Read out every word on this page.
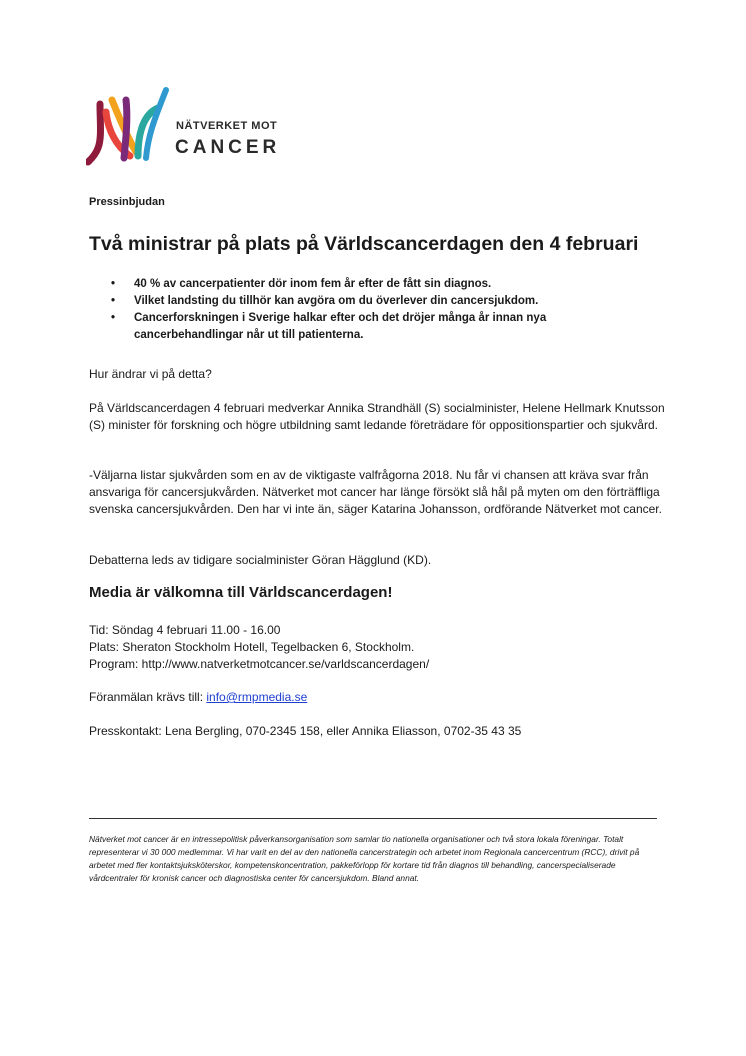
NÄTVERKET MOT
CANCER
Pressinbjudan
Två ministrar på plats på Världscancerdagen den 4 februari
• 40 % av cancerpatienter dör inom fem år efter de fått sin diagnos.
• Vilket landsting du tillhör kan avgöra om du överlever din cancersjukdom.
• Cancerforskningen i Sverige halkar efter och det dröjer många år innan nya cancerbehandlingar når ut till patienterna.
Hur ändrar vi på detta?
På Världscancerdagen 4 februari medverkar Annika Strandhäll (S) socialminister, Helene Hellmark Knutsson (S) minister för forskning och högre utbildning samt ledande företrädare för oppositionspartier och sjukvård.
-Väljarna listar sjukvården som en av de viktigaste valfrågorna 2018. Nu får vi chansen att kräva svar från ansvariga för cancersjukvården. Nätverket mot cancer har länge försökt slå hål på myten om den förträffliga svenska cancersjukvården. Den har vi inte än, säger Katarina Johansson, ordförande Nätverket mot cancer.
Debatterna leds av tidigare socialminister Göran Hägglund (KD).
Media är välkomna till Världscancerdagen!
Tid: Söndag 4 februari 11.00 - 16.00
Plats: Sheraton Stockholm Hotell, Tegelbacken 6, Stockholm.
Program: http://www.natverketmotcancer.se/varldscancerdagen/
Föranmälan krävs till: info@rmpmedia.se
Presskontakt: Lena Bergling, 070-2345 158, eller Annika Eliasson, 0702-35 43 35
Nätverket mot cancer är en intressepolitisk påverkansorganisation som samlar tio nationella organisationer och två stora lokala föreningar. Totalt representerar vi 30 000 medlemmar. Vi har varit en del av den nationella cancerstrategin och arbetet inom Regionala cancercentrum (RCC), drivit på arbetet med fler kontaktsjuksköterskor, kompetenskoncentration, pakkeförlopp för kortare tid från diagnos till behandling, cancerspecialiserade vårdcentraler för kronisk cancer och diagnostiska center för cancersjukdom. Bland annat.
